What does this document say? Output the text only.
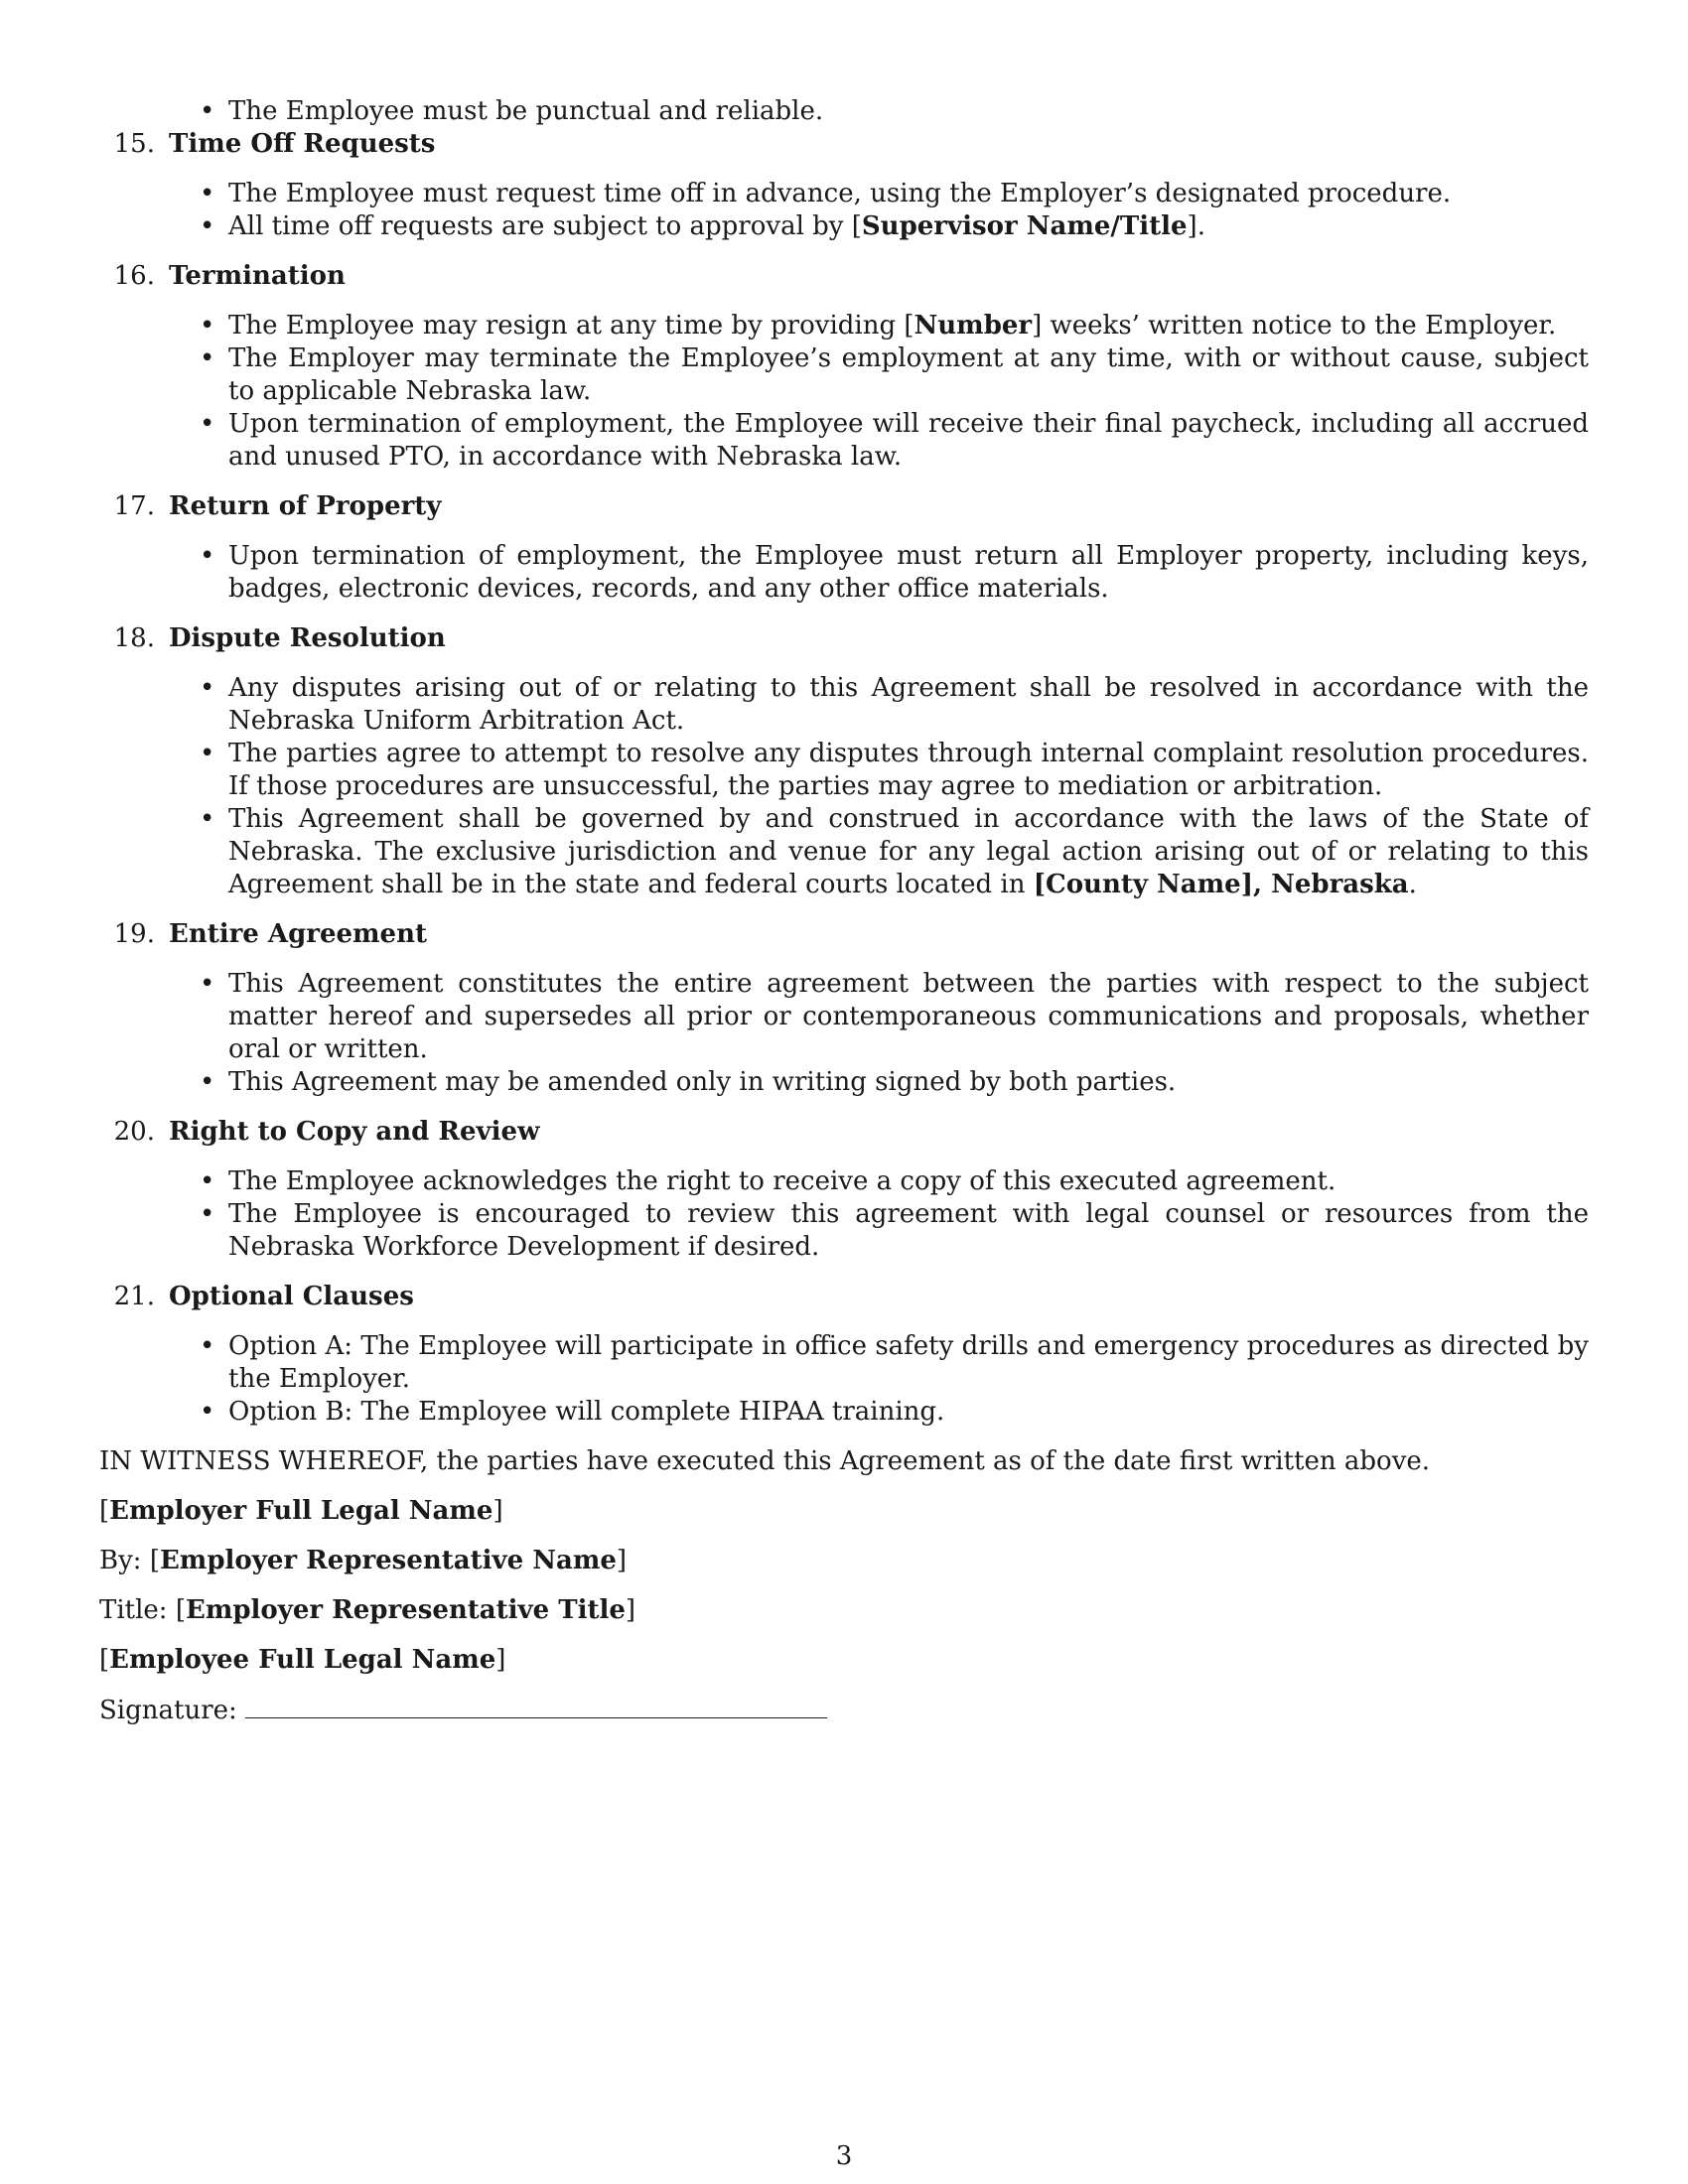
• The Employee must be punctual and reliable.
15. Time Off Requests
• The Employee must request time off in advance, using the Employer’s designated procedure.
• All time off requests are subject to approval by [Supervisor Name/Title].
16. Termination
• The Employee may resign at any time by providing [Number] weeks’ written notice to the Employer.
• The Employer may terminate the Employee’s employment at any time, with or without cause, subject to applicable Nebraska law.
• Upon termination of employment, the Employee will receive their final paycheck, including all accrued and unused PTO, in accordance with Nebraska law.
17. Return of Property
• Upon termination of employment, the Employee must return all Employer property, including keys, badges, electronic devices, records, and any other office materials.
18. Dispute Resolution
• Any disputes arising out of or relating to this Agreement shall be resolved in accordance with the Nebraska Uniform Arbitration Act.
• The parties agree to attempt to resolve any disputes through internal complaint resolution procedures. If those procedures are unsuccessful, the parties may agree to mediation or arbitration.
• This Agreement shall be governed by and construed in accordance with the laws of the State of Nebraska. The exclusive jurisdiction and venue for any legal action arising out of or relating to this Agreement shall be in the state and federal courts located in [County Name], Nebraska.
19. Entire Agreement
• This Agreement constitutes the entire agreement between the parties with respect to the subject matter hereof and supersedes all prior or contemporaneous communications and proposals, whether oral or written.
• This Agreement may be amended only in writing signed by both parties.
20. Right to Copy and Review
• The Employee acknowledges the right to receive a copy of this executed agreement.
• The Employee is encouraged to review this agreement with legal counsel or resources from the Nebraska Workforce Development if desired.
21. Optional Clauses
• Option A: The Employee will participate in office safety drills and emergency procedures as directed by the Employer.
• Option B: The Employee will complete HIPAA training.

IN WITNESS WHEREOF, the parties have executed this Agreement as of the date first written above.

[Employer Full Legal Name]

By: [Employer Representative Name]

Title: [Employer Representative Title]

[Employee Full Legal Name]

Signature:

3
